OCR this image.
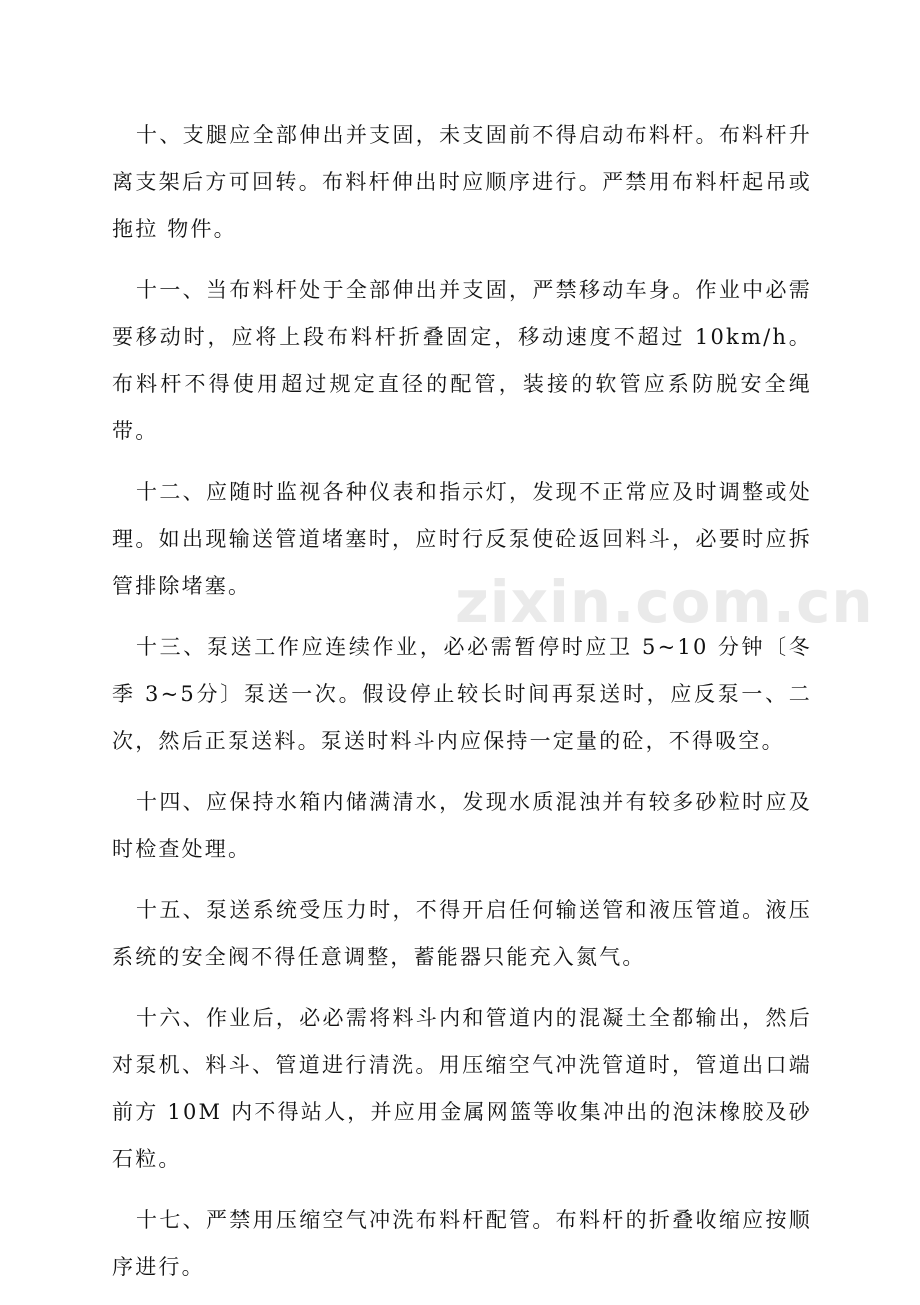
十、支腿应全部伸出并支固，未支固前不得启动布料杆。布料杆升离支架后方可回转。布料杆伸出时应顺序进行。严禁用布料杆起吊或拖拉 物件。

十一、当布料杆处于全部伸出并支固，严禁移动车身。作业中必需要移动时，应将上段布料杆折叠固定，移动速度不超过 10km/h。布料杆不得使用超过规定直径的配管，装接的软管应系防脱安全绳带。

十二、应随时监视各种仪表和指示灯，发现不正常应及时调整或处理。如出现输送管道堵塞时，应时行反泵使砼返回料斗，必要时应拆管排除堵塞。

十三、泵送工作应连续作业，必必需暂停时应卫 5~10 分钟〔冬季 3~5分〕泵送一次。假设停止较长时间再泵送时，应反泵一、二次，然后正泵送料。泵送时料斗内应保持一定量的砼，不得吸空。

十四、应保持水箱内储满清水，发现水质混浊并有较多砂粒时应及时检查处理。

十五、泵送系统受压力时，不得开启任何输送管和液压管道。液压系统的安全阀不得任意调整，蓄能器只能充入氮气。

十六、作业后，必必需将料斗内和管道内的混凝土全都输出，然后对泵机、料斗、管道进行清洗。用压缩空气冲洗管道时，管道出口端前方 10M 内不得站人，并应用金属网篮等收集冲出的泡沫橡胶及砂石粒。

十七、严禁用压缩空气冲洗布料杆配管。布料杆的折叠收缩应按顺序进行。

zixin.com.cn
